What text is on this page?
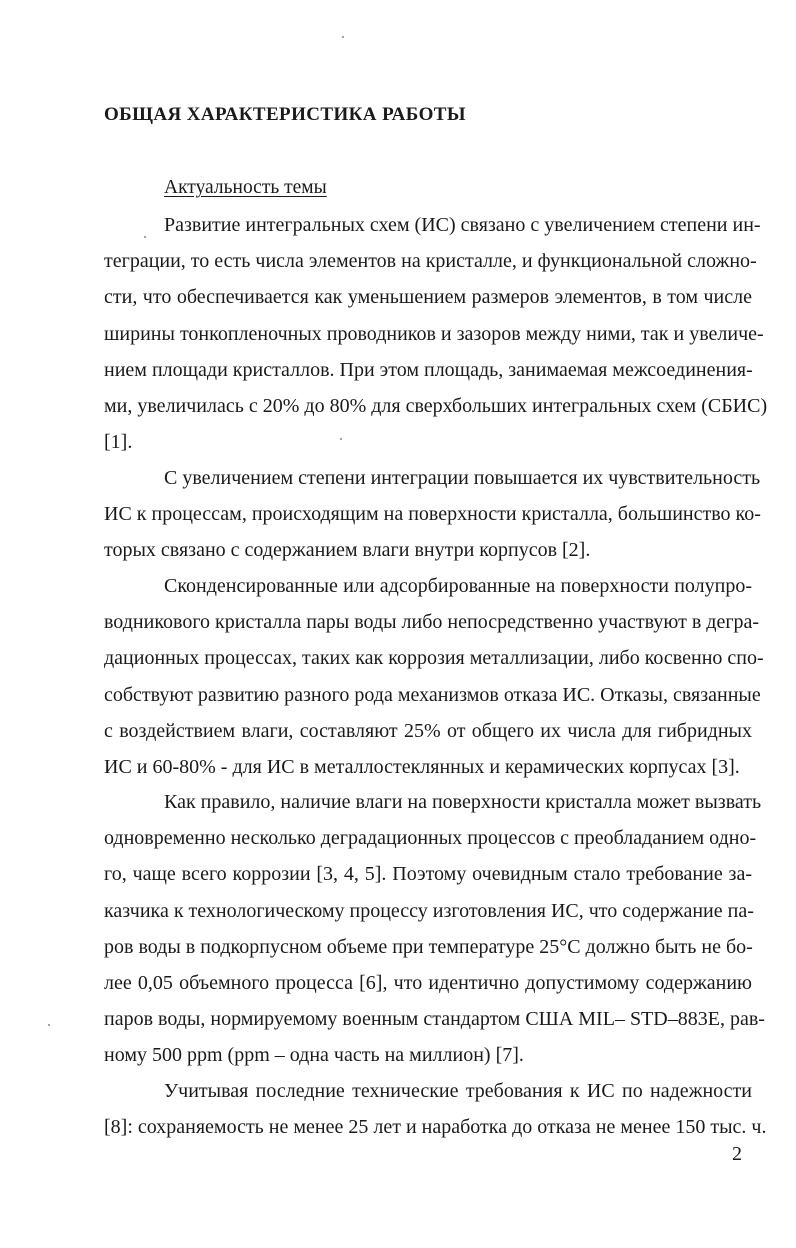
ОБЩАЯ ХАРАКТЕРИСТИКА РАБОТЫ
Актуальность темы
Развитие интегральных схем (ИС) связано с увеличением степени ин-
теграции, то есть числа элементов на кристалле, и функциональной сложно-
сти, что обеспечивается как уменьшением размеров элементов, в том числе
ширины тонкопленочных проводников и зазоров между ними, так и увеличе-
нием площади кристаллов. При этом площадь, занимаемая межсоединения-
ми, увеличилась с 20% до 80% для сверхбольших интегральных схем (СБИС)
[1].
С увеличением степени интеграции повышается их чувствительность
ИС к процессам, происходящим на поверхности кристалла, большинство ко-
торых связано с содержанием влаги внутри корпусов [2].
Сконденсированные или адсорбированные на поверхности полупро-
водникового кристалла пары воды либо непосредственно участвуют в дегра-
дационных процессах, таких как коррозия металлизации, либо косвенно спо-
собствуют развитию разного рода механизмов отказа ИС. Отказы, связанные
с воздействием влаги, составляют 25% от общего их числа для гибридных
ИС и 60-80% - для ИС в металлостеклянных и керамических корпусах [3].
Как правило, наличие влаги на поверхности кристалла может вызвать
одновременно несколько деградационных процессов с преобладанием одно-
го, чаще всего коррозии [3, 4, 5]. Поэтому очевидным стало требование за-
казчика к технологическому процессу изготовления ИС, что содержание па-
ров воды в подкорпусном объеме при температуре 25°С должно быть не бо-
лее 0,05 объемного процесса [6], что идентично допустимому содержанию
паров воды, нормируемому военным стандартом США MIL– STD–883E, рав-
ному 500 ppm (ppm – одна часть на миллион) [7].
Учитывая последние технические требования к ИС по надежности
[8]: сохраняемость не менее 25 лет и наработка до отказа не менее 150 тыс. ч.
2
